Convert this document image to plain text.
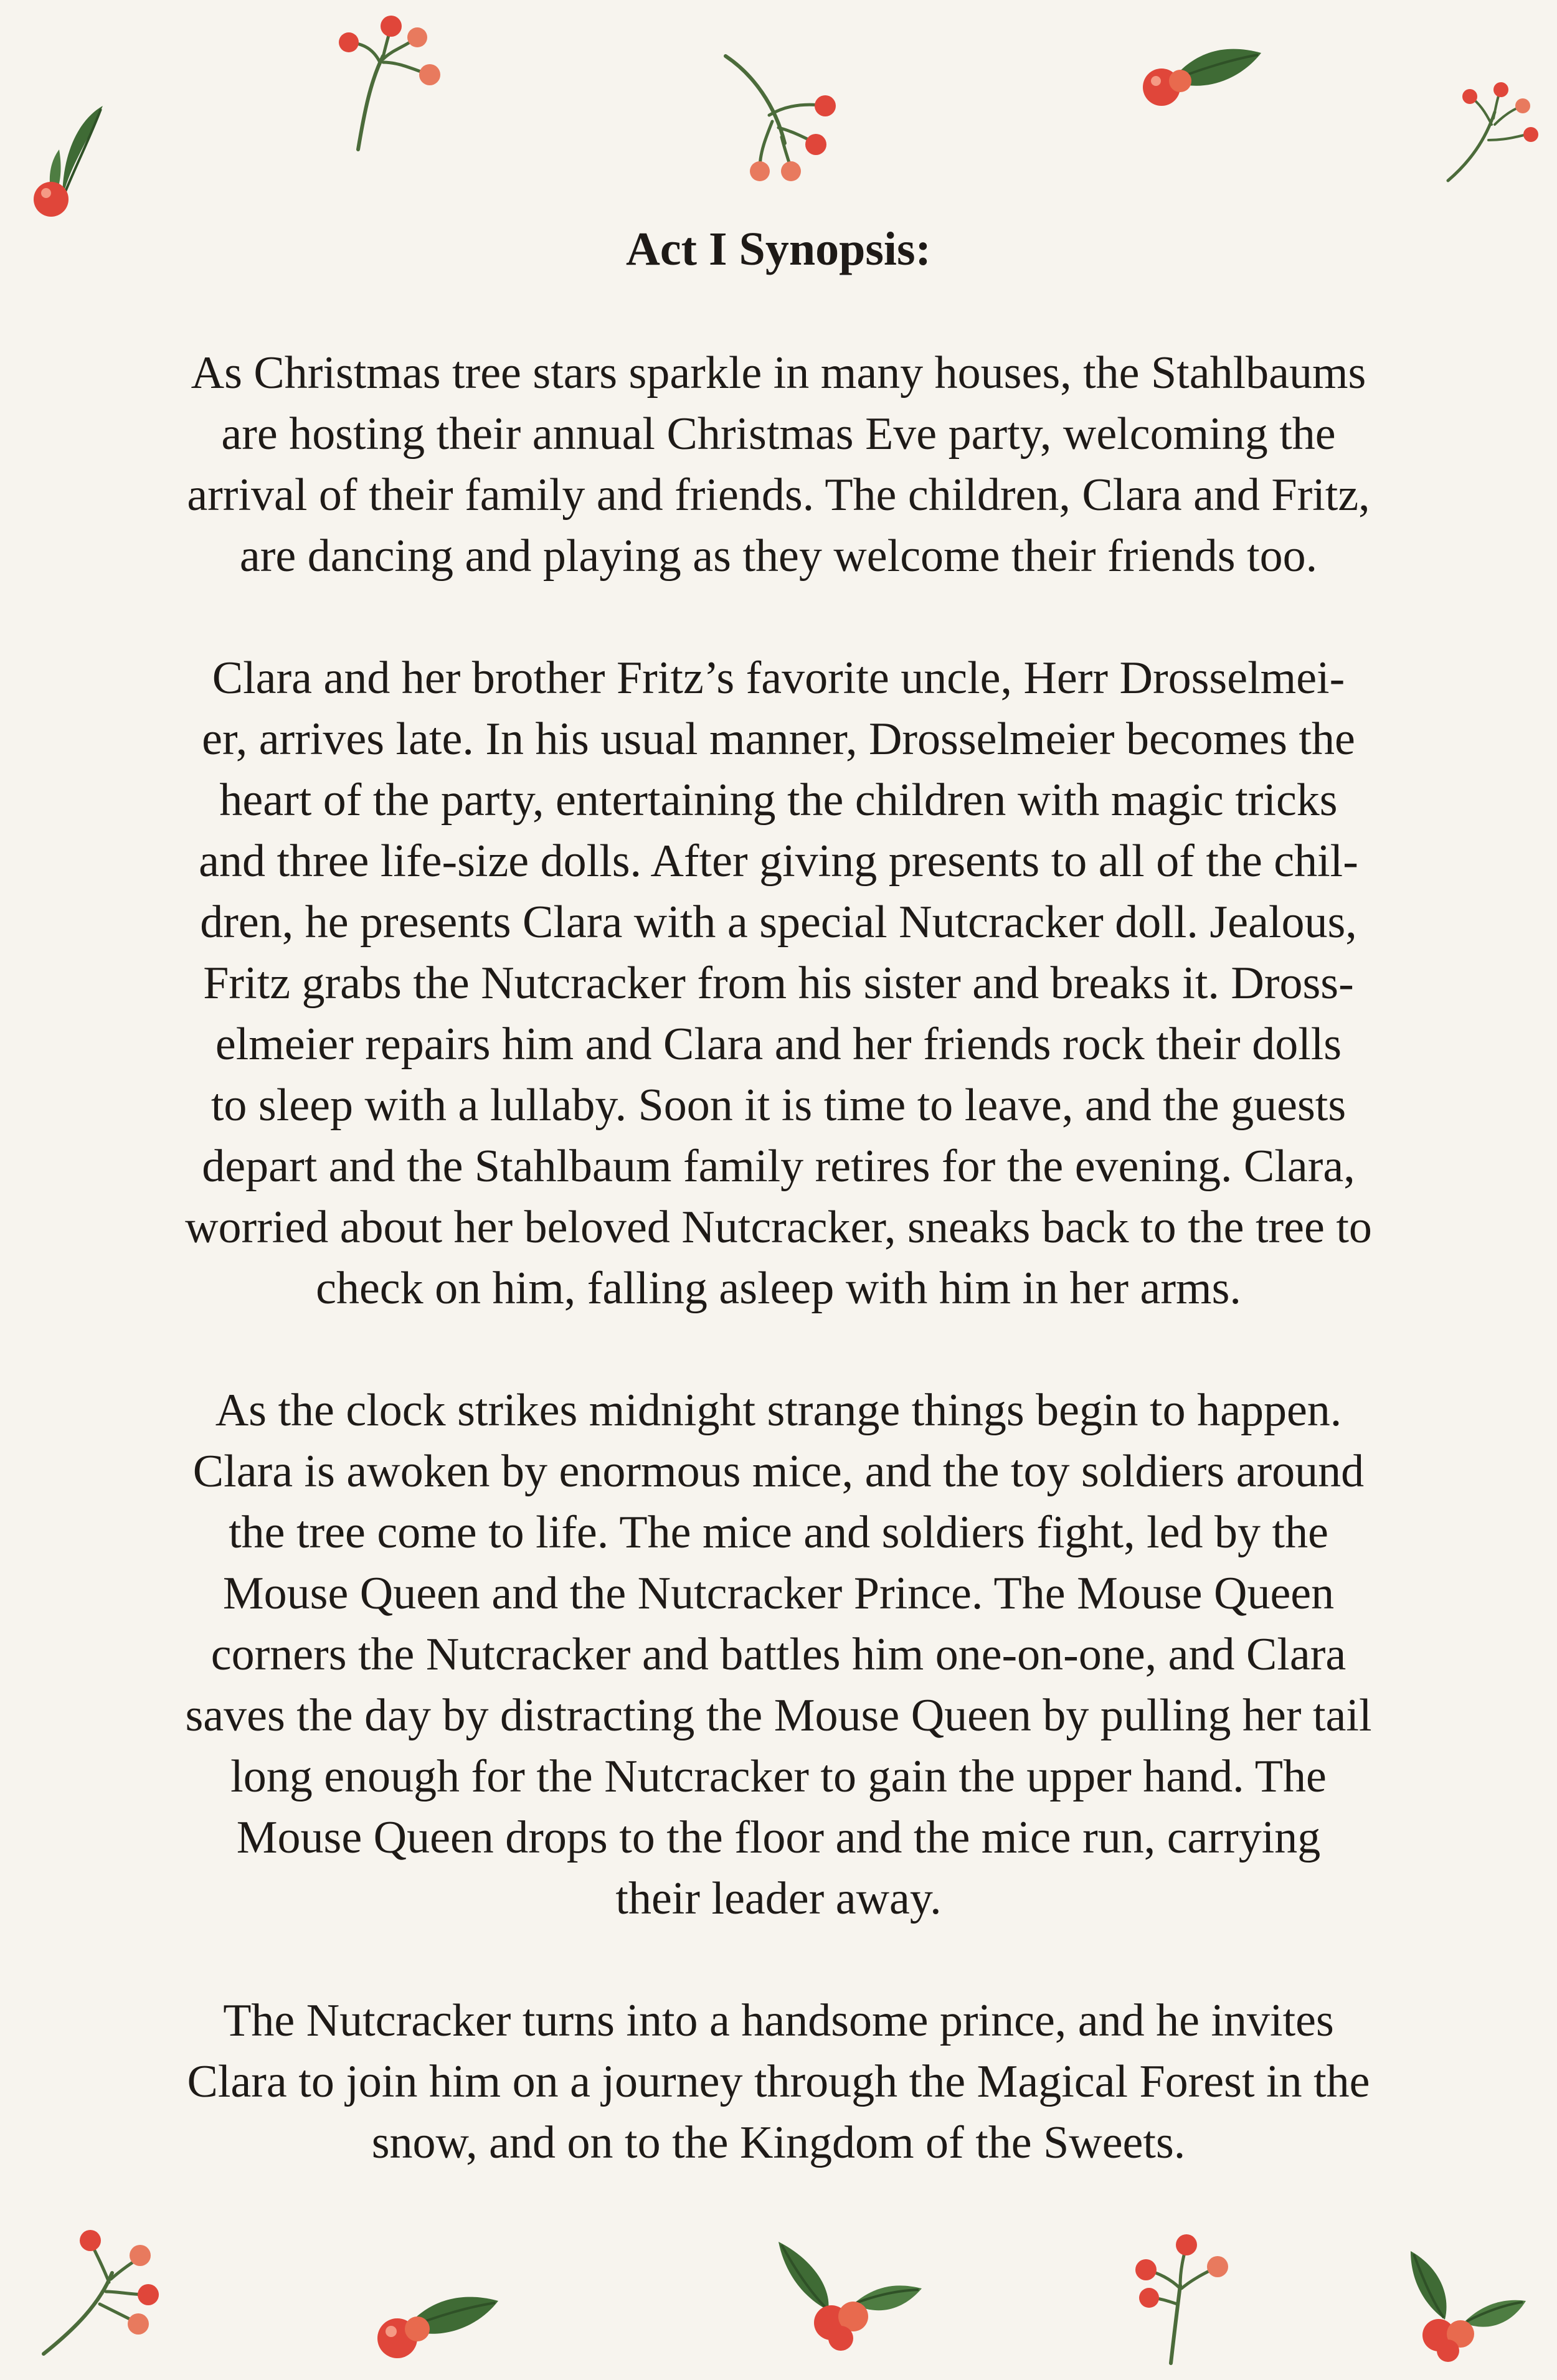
Act I Synopsis:
As Christmas tree stars sparkle in many houses, the Stahlbaums
are hosting their annual Christmas Eve party, welcoming the
arrival of their family and friends. The children, Clara and Fritz,
are dancing and playing as they welcome their friends too.
Clara and her brother Fritz’s favorite uncle, Herr Drosselmei-
er, arrives late. In his usual manner, Drosselmeier becomes the
heart of the party, entertaining the children with magic tricks
and three life-size dolls. After giving presents to all of the chil-
dren, he presents Clara with a special Nutcracker doll. Jealous,
Fritz grabs the Nutcracker from his sister and breaks it. Dross-
elmeier repairs him and Clara and her friends rock their dolls
to sleep with a lullaby. Soon it is time to leave, and the guests
depart and the Stahlbaum family retires for the evening. Clara,
worried about her beloved Nutcracker, sneaks back to the tree to
check on him, falling asleep with him in her arms.
As the clock strikes midnight strange things begin to happen.
Clara is awoken by enormous mice, and the toy soldiers around
the tree come to life. The mice and soldiers fight, led by the
Mouse Queen and the Nutcracker Prince. The Mouse Queen
corners the Nutcracker and battles him one-on-one, and Clara
saves the day by distracting the Mouse Queen by pulling her tail
long enough for the Nutcracker to gain the upper hand. The
Mouse Queen drops to the floor and the mice run, carrying
their leader away.
The Nutcracker turns into a handsome prince, and he invites
Clara to join him on a journey through the Magical Forest in the
snow, and on to the Kingdom of the Sweets.
